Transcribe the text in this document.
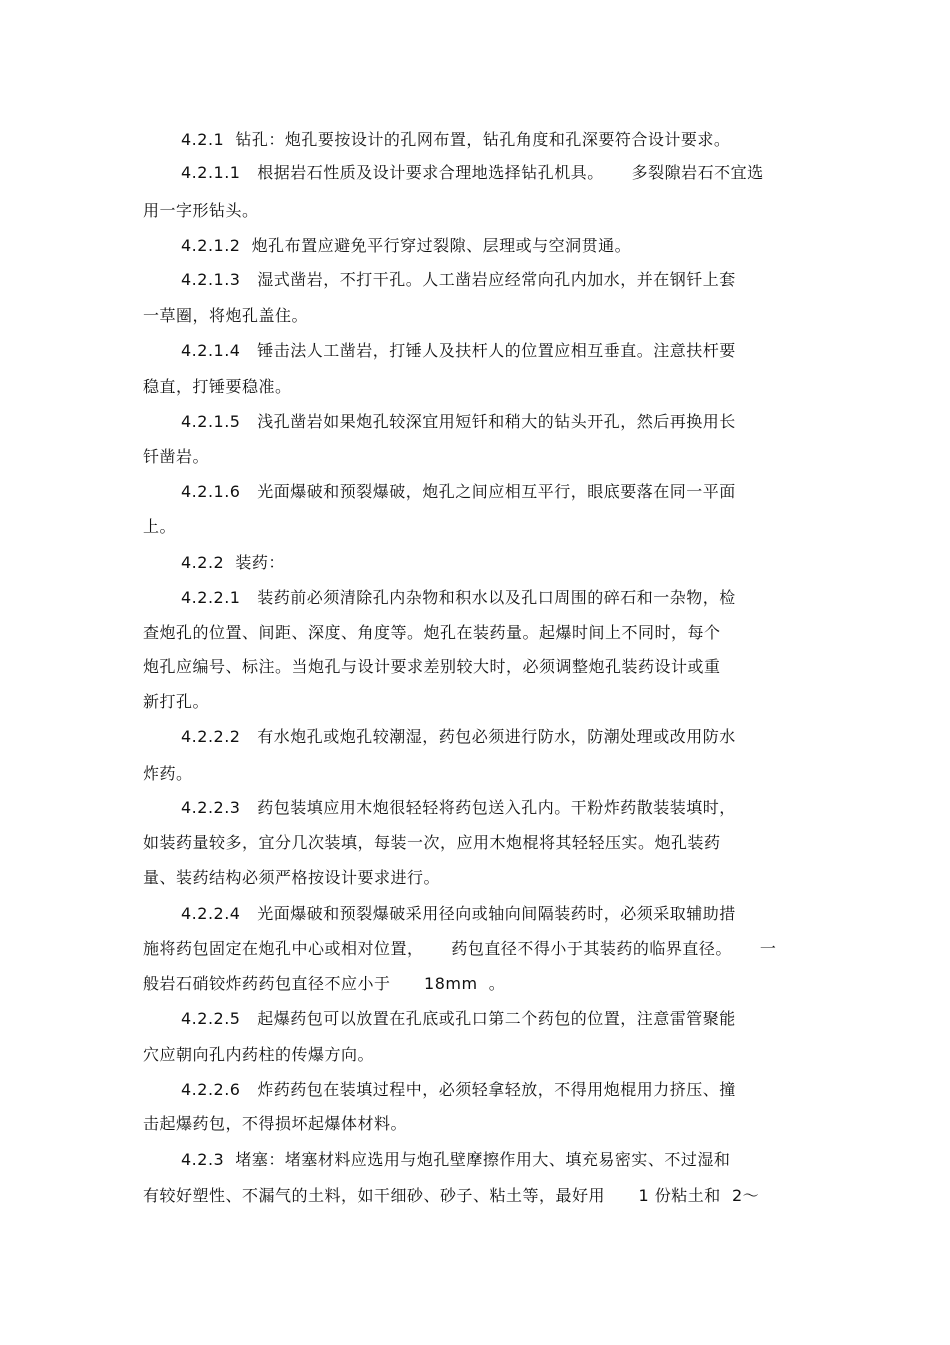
4.2.1  钻孔：炮孔要按设计的孔网布置，钻孔角度和孔深要符合设计要求。
4.2.1.1   根据岩石性质及设计要求合理地选择钻孔机具。     多裂隙岩石不宜选
用一字形钻头。
4.2.1.2  炮孔布置应避免平行穿过裂隙、层理或与空洞贯通。
4.2.1.3   湿式凿岩，不打干孔。人工凿岩应经常向孔内加水，并在钢钎上套
一草圈，将炮孔盖住。
4.2.1.4   锤击法人工凿岩，打锤人及扶杆人的位置应相互垂直。注意扶杆要
稳直，打锤要稳准。
4.2.1.5   浅孔凿岩如果炮孔较深宜用短钎和稍大的钻头开孔，然后再换用长
钎凿岩。
4.2.1.6   光面爆破和预裂爆破，炮孔之间应相互平行，眼底要落在同一平面
上。
4.2.2  装药：
4.2.2.1   装药前必须清除孔内杂物和积水以及孔口周围的碎石和一杂物，检
查炮孔的位置、间距、深度、角度等。炮孔在装药量。起爆时间上不同时，每个
炮孔应编号、标注。当炮孔与设计要求差别较大时，必须调整炮孔装药设计或重
新打孔。
4.2.2.2   有水炮孔或炮孔较潮湿，药包必须进行防水，防潮处理或改用防水
炸药。
4.2.2.3   药包装填应用木炮很轻轻将药包送入孔内。干粉炸药散装装填时，
如装药量较多，宜分几次装填，每装一次，应用木炮棍将其轻轻压实。炮孔装药
量、装药结构必须严格按设计要求进行。
4.2.2.4   光面爆破和预裂爆破采用径向或轴向间隔装药时，必须采取辅助措
施将药包固定在炮孔中心或相对位置，     药包直径不得小于其装药的临界直径。     一
般岩石硝铰炸药药包直径不应小于      18mm  。
4.2.2.5   起爆药包可以放置在孔底或孔口第二个药包的位置，注意雷管聚能
穴应朝向孔内药柱的传爆方向。
4.2.2.6   炸药药包在装填过程中，必须轻拿轻放，不得用炮棍用力挤压、撞
击起爆药包，不得损坏起爆体材料。
4.2.3  堵塞：堵塞材料应选用与炮孔壁摩擦作用大、填充易密实、不过湿和
有较好塑性、不漏气的土料，如干细砂、砂子、粘土等，最好用      1 份粘土和  2～
